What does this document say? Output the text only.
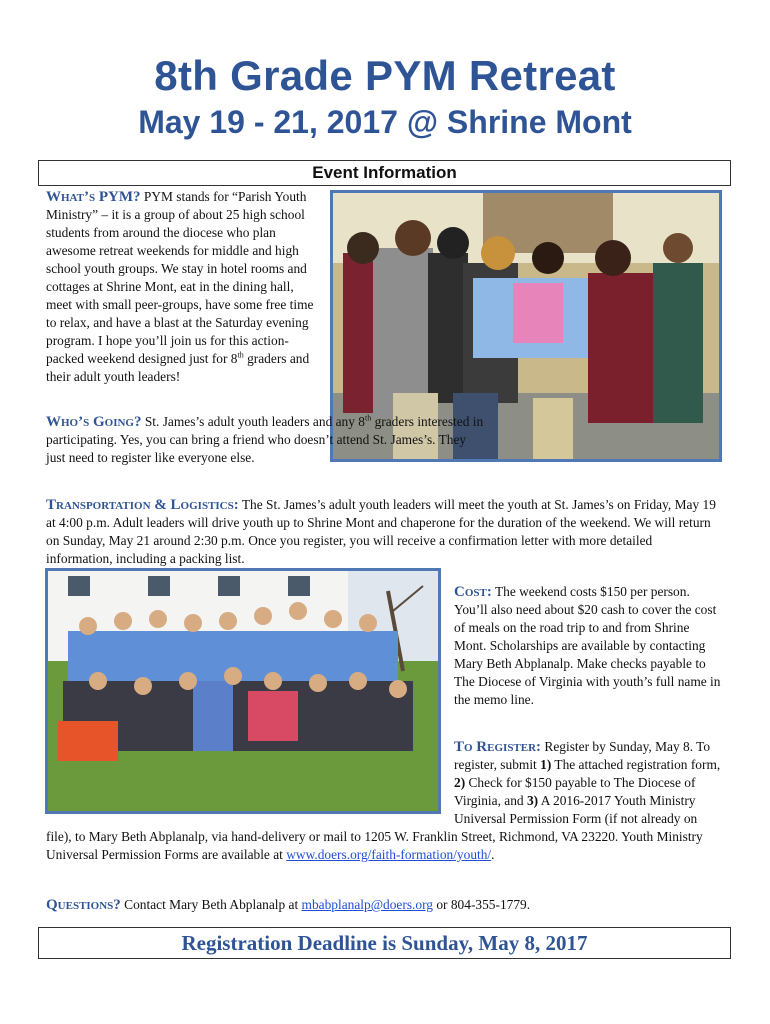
8th Grade PYM Retreat
May 19 - 21, 2017 @ Shrine Mont
Event Information

What’s PYM? PYM stands for “Parish Youth Ministry” – it is a group of about 25 high school students from around the diocese who plan awesome retreat weekends for middle and high school youth groups. We stay in hotel rooms and cottages at Shrine Mont, eat in the dining hall, meet with small peer-groups, have some free time to relax, and have a blast at the Saturday evening program. I hope you’ll join us for this action-packed weekend designed just for 8th graders and their adult youth leaders!

Who’s Going? St. James’s adult youth leaders and any 8th graders interested in participating. Yes, you can bring a friend who doesn’t attend St. James’s. They just need to register like everyone else.

Transportation & Logistics: The St. James’s adult youth leaders will meet the youth at St. James’s on Friday, May 19 at 4:00 p.m. Adult leaders will drive youth up to Shrine Mont and chaperone for the duration of the weekend. We will return on Sunday, May 21 around 2:30 p.m. Once you register, you will receive a confirmation letter with more detailed information, including a packing list.

Cost: The weekend costs $150 per person. You’ll also need about $20 cash to cover the cost of meals on the road trip to and from Shrine Mont. Scholarships are available by contacting Mary Beth Abplanalp. Make checks payable to The Diocese of Virginia with youth’s full name in the memo line.

To Register: Register by Sunday, May 8. To register, submit 1) The attached registration form, 2) Check for $150 payable to The Diocese of Virginia, and 3) A 2016-2017 Youth Ministry Universal Permission Form (if not already on file), to Mary Beth Abplanalp, via hand-delivery or mail to 1205 W. Franklin Street, Richmond, VA 23220. Youth Ministry Universal Permission Forms are available at www.doers.org/faith-formation/youth/.

Questions? Contact Mary Beth Abplanalp at mbabplanalp@doers.org or 804-355-1779.

Registration Deadline is Sunday, May 8, 2017
